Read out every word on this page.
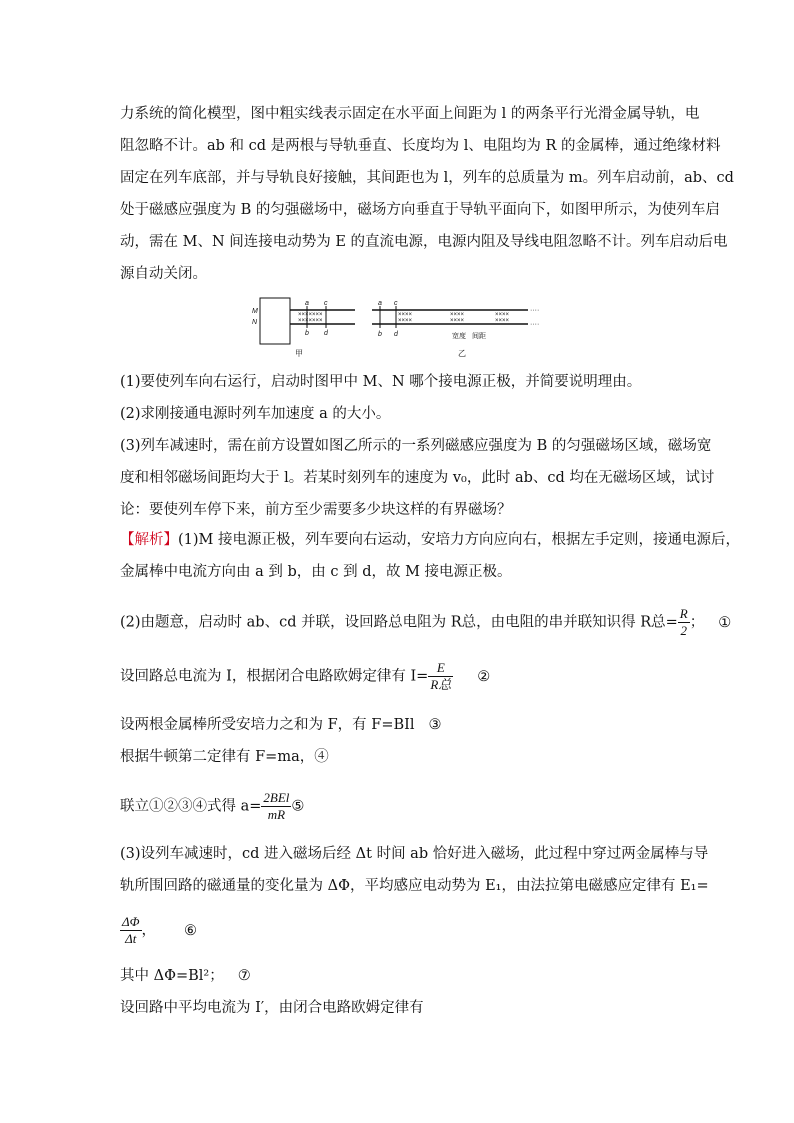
力系统的简化模型，图中粗实线表示固定在水平面上间距为 l 的两条平行光滑金属导轨，电
阻忽略不计。ab 和 cd 是两根与导轨垂直、长度均为 l、电阻均为 R 的金属棒，通过绝缘材料
固定在列车底部，并与导轨良好接触，其间距也为 l，列车的总质量为 m。列车启动前，ab、cd
处于磁感应强度为 B 的匀强磁场中，磁场方向垂直于导轨平面向下，如图甲所示，为使列车启
动，需在 M、N 间连接电动势为 E 的直流电源，电源内阻及导线电阻忽略不计。列车启动后电
源自动关闭。
×××××××
×××××××
M
N
a c
b d
甲
××××
××××
××××
××××
××××
××××
a c
b d	宽度 间距
····
····
乙
(1)要使列车向右运行，启动时图甲中 M、N 哪个接电源正极，并简要说明理由。
(2)求刚接通电源时列车加速度 a 的大小。
(3)列车减速时，需在前方设置如图乙所示的一系列磁感应强度为 B 的匀强磁场区域，磁场宽
度和相邻磁场间距均大于 l。若某时刻列车的速度为 v₀，此时 ab、cd 均在无磁场区域，试讨
论：要使列车停下来，前方至少需要多少块这样的有界磁场？
【解析】(1)M 接电源正极，列车要向右运动，安培力方向应向右，根据左手定则，接通电源后，
金属棒中电流方向由 a 到 b，由 c 到 d，故 M 接电源正极。
(2)由题意，启动时 ab、cd 并联，设回路总电阻为 R总，由电阻的串并联知识得 R总= $\frac{R}{2}$ ； ①
设回路总电流为 I，根据闭合电路欧姆定律有 $I= \frac{E}{\text{R总}}$ ②
设两根金属棒所受安培力之和为 F，有 F=BIl ③
根据牛顿第二定律有 F=ma，④
联立①②③④式得 $a= \frac{\text{2BEl}}{mR}$ ⑤
(3)设列车减速时，cd 进入磁场后经 Δt 时间 ab 恰好进入磁场，此过程中穿过两金属棒与导
轨所围回路的磁通量的变化量为 ΔΦ，平均感应电动势为 E₁，由法拉第电磁感应定律有 E₁=
$\frac{\Delta\Phi}{\Delta t}$ ， ⑥
其中 ΔΦ=Bl²； ⑦
设回路中平均电流为 I′，由闭合电路欧姆定律有
